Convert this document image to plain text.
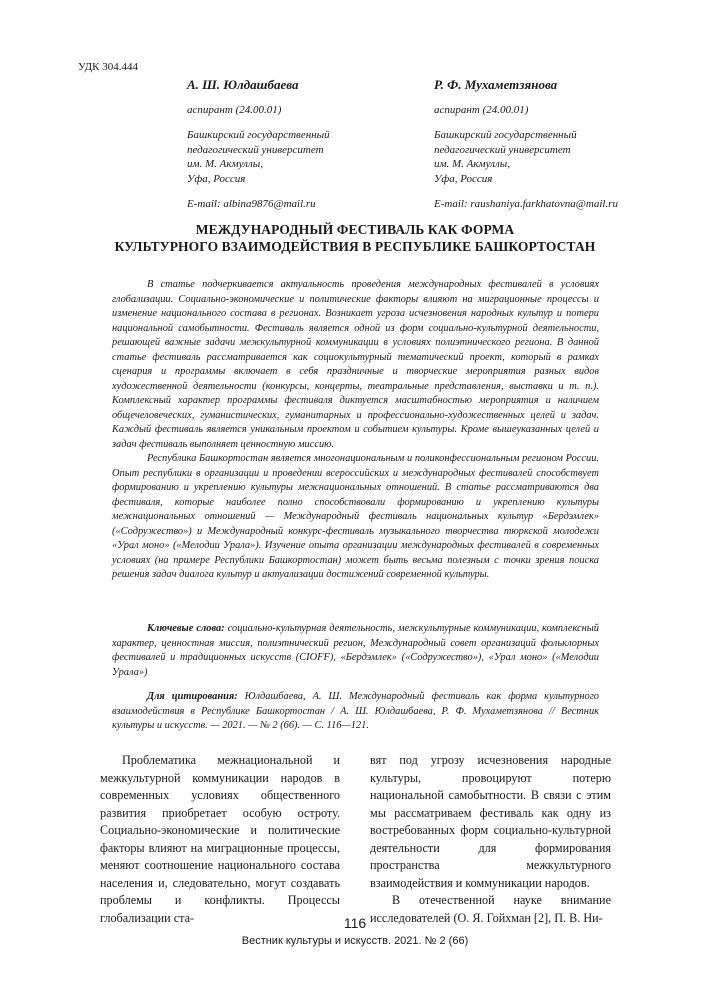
УДК 304.444
А. Ш. Юлдашбаева
аспирант (24.00.01)
Башкирский государственный
педагогический университет
им. М. Акмуллы,
Уфа, Россия
E-mail: albina9876@mail.ru
Р. Ф. Мухаметзянова
аспирант (24.00.01)
Башкирский государственный
педагогический университет
им. М. Акмуллы,
Уфа, Россия
E-mail: raushaniya.farkhatovna@mail.ru
МЕЖДУНАРОДНЫЙ ФЕСТИВАЛЬ КАК ФОРМА
КУЛЬТУРНОГО ВЗАИМОДЕЙСТВИЯ В РЕСПУБЛИКЕ БАШКОРТОСТАН

В статье подчеркивается актуальность проведения международных фестивалей в условиях глобализации. Социально-экономические и политические факторы влияют на миграционные процессы и изменение национального состава в регионах. Возникает угроза исчезновения народных культур и потери национальной самобытности. Фестиваль является одной из форм социально-культурной деятельности, решающей важные задачи межкультурной коммуникации в условиях полиэтнического региона. В данной статье фестиваль рассматривается как социокультурный тематический проект, который в рамках сценария и программы включает в себя праздничные и творческие мероприятия разных видов художественной деятельности (конкурсы, концерты, театральные представления, выставки и т. п.). Комплексный характер программы фестиваля диктуется масштабностью мероприятия и наличием общечеловеческих, гуманистических, гуманитарных и профессионально-художественных целей и задач. Каждый фестиваль является уникальным проектом и событием культуры. Кроме вышеуказанных целей и задач фестиваль выполняет ценностную миссию.

Республика Башкортостан является многонациональным и поликонфессиональным регионом России. Опыт республики в организации и проведении всероссийских и международных фестивалей способствует формированию и укреплению культуры межнациональных отношений. В статье рассматриваются два фестиваля, которые наиболее полно способствовали формированию и укреплению культуры межнациональных отношений — Международный фестиваль национальных культур «Бердэмлек» («Содружество») и Международный конкурс-фестиваль музыкального творчества тюркской молодежи «Урал моно» («Мелодии Урала»). Изучение опыта организации международных фестивалей в современных условиях (на примере Республики Башкортостан) может быть весьма полезным с точки зрения поиска решения задач диалога культур и актуализации достижений современной культуры.

Ключевые слова: социально-культурная деятельность, межкультурные коммуникации, комплексный характер, ценностная миссия, полиэтнический регион, Международный совет организаций фольклорных фестивалей и традиционных искусств (CIOFF), «Бердэмлек» («Содружество»), «Урал моно» («Мелодии Урала»)

Для цитирования: Юлдашбаева, А. Ш. Международный фестиваль как форма культурного взаимодействия в Республике Башкортостан / А. Ш. Юлдашбаева, Р. Ф. Мухаметзянова // Вестник культуры и искусств. — 2021. — № 2 (66). — С. 116—121.

Проблематика межнациональной и межкультурной коммуникации народов в современных условиях общественного развития приобретает особую остроту. Социально-экономические и политические факторы влияют на миграционные процессы, меняют соотношение национального состава населения и, следовательно, могут создавать проблемы и конфликты. Процессы глобализации ста-

вят под угрозу исчезновения народные культуры, провоцируют потерю национальной самобытности. В связи с этим мы рассматриваем фестиваль как одну из востребованных форм социально-культурной деятельности для формирования пространства межкультурного взаимодействия и коммуникации народов.

В отечественной науке внимание исследователей (О. Я. Гойхман [2], П. В. Ни-

116
Вестник культуры и искусств. 2021. № 2 (66)
